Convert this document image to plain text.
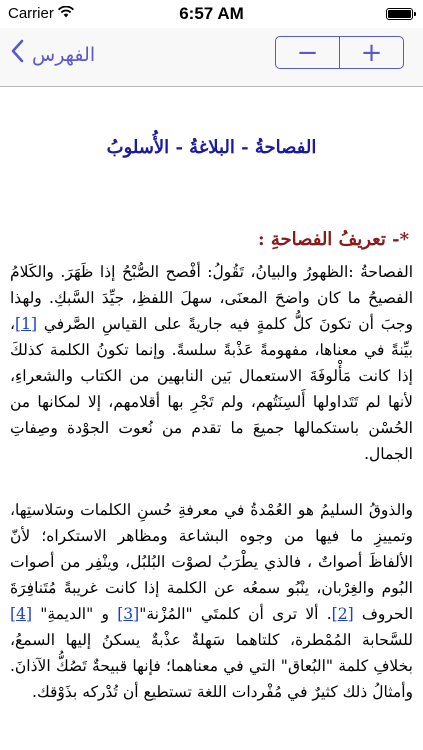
Carrier	6:57 AM
الفهرس	−	+
الفصاحةُ - البلاغةُ - الأُسلوبُ
*- تعريفُ الفصاحةِ :
الفصاحةُ :الظهورُ والبيانُ، تَقُولُ: أفْصح الصُّبْحُ إذا ظَهَرَ. والكَلامُ الفصيحُ ما كان واضحَ المعنَى، سهلَ اللفظِ، جيِّدَ السَّبكِ. ولهذا وجبَ أن تكونَ كلُّ كلمةٍ فيه جاريةً على القياسِ الصَّرفي [1]، بيِّنةً في معناها، مفهومةً عَذْبةً سلسةً. وإنما تكونُ الكلمة كذلكَ إذا كانت مَأْلوفَةَ الاستعمال بَين النابهين من الكتاب والشعراءِ، لأنها لم تَتَداولها أَلسِنَتُهم، ولم تَجْرِ بها أقلامهم، إلا لمكانها من الحُسْن باستكمالها جميعَ ما تقدم من نُعوت الجوْدة وصِفاتِ الجمال.
والذوقُ السليمُ هو العُمْدةُ في معرفةِ حُسنِ الكلمات وسَلاستِها، وتمييزِ ما فيها من وجوه البشاعة ومظاهر الاستكراه؛ لأنّ الألفاظَ أصواتٌ ، فالذي يطْرَبُ لصوْت البُلبُل، وينْفِر من أصوات البُوم والغِرْبان، ينْبُو سمعُه عن الكلمة إذا كانت غريبةً مُتَنافِرَةَ الحروف [2]. ألا ترى أن كلمتَي "المُزْنة"[3] و "الديمةِ" [4] للسَّحابة المُمْطرة، كلتاهما سَهلةٌ عذْبةٌ يسكنُ إليها السمعُ، بخلافِ كلمة "البُعاق" التي في معناهما؛ فإنها قبيحةٌ تَصُكُّ الآذانَ. وأمثالُ ذلك كثيرٌ في مُفْردات اللغة تستطيع أن تُدْركه بذَوْقك.
